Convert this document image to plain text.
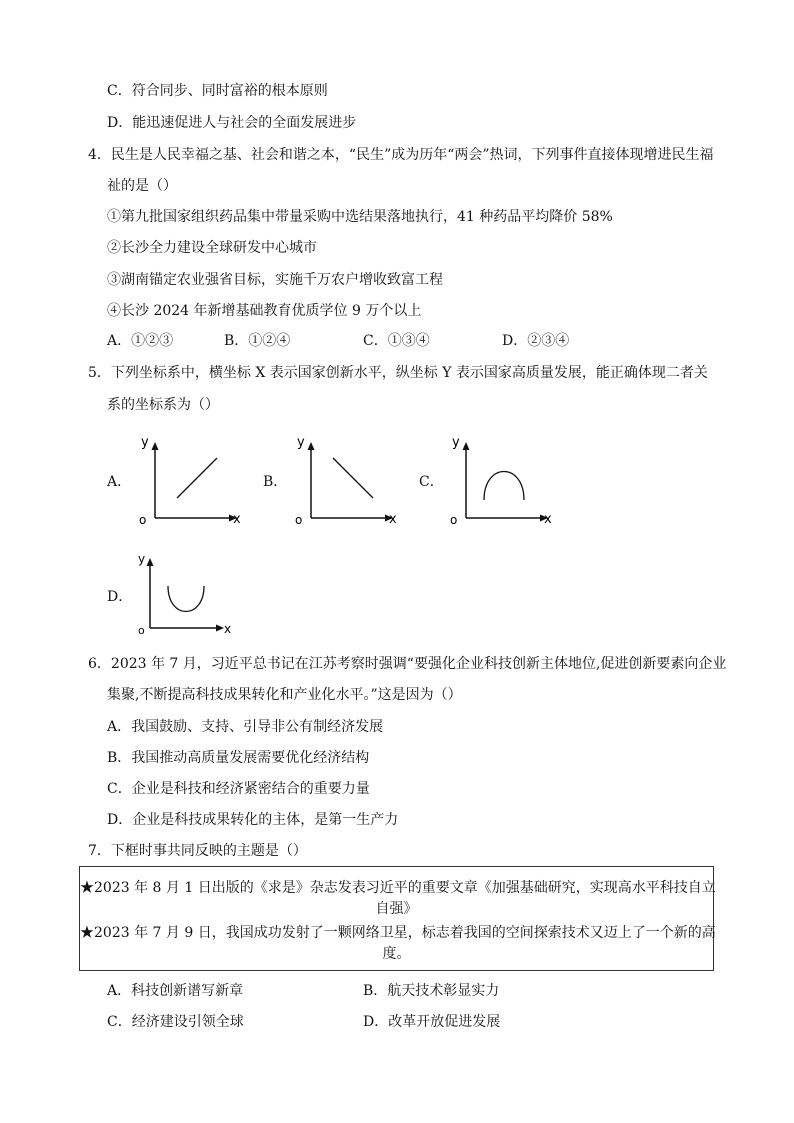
C．符合同步、同时富裕的根本原则
D．能迅速促进人与社会的全面发展进步
4．民生是人民幸福之基、社会和谐之本，“民生”成为历年“两会”热词，下列事件直接体现增进民生福
祉的是（）
①第九批国家组织药品集中带量采购中选结果落地执行，41 种药品平均降价 58%
②长沙全力建设全球研发中心城市
③湖南锚定农业强省目标，实施千万农户增收致富工程
④长沙 2024 年新增基础教育优质学位 9 万个以上
A．①②③	B．①②④	C．①③④	D．②③④
5．下列坐标系中，横坐标 X 表示国家创新水平，纵坐标 Y 表示国家高质量发展，能正确体现二者关
系的坐标系为（）
A．
y
o	x
B．
y
o	x
C．
y
o	x
D．
y
o	x
6．2023 年 7 月，习近平总书记在江苏考察时强调“要强化企业科技创新主体地位,促进创新要素向企业
集聚,不断提高科技成果转化和产业化水平。”这是因为（）
A．我国鼓励、支持、引导非公有制经济发展
B．我国推动高质量发展需要优化经济结构
C．企业是科技和经济紧密结合的重要力量
D．企业是科技成果转化的主体，是第一生产力
7．下框时事共同反映的主题是（）
★2023 年 8 月 1 日出版的《求是》杂志发表习近平的重要文章《加强基础研究，实现高水平科技自立
自强》
★2023 年 7 月 9 日，我国成功发射了一颗网络卫星，标志着我国的空间探索技术又迈上了一个新的高
度。
A．科技创新谱写新章	B．航天技术彰显实力
C．经济建设引领全球	D．改革开放促进发展
